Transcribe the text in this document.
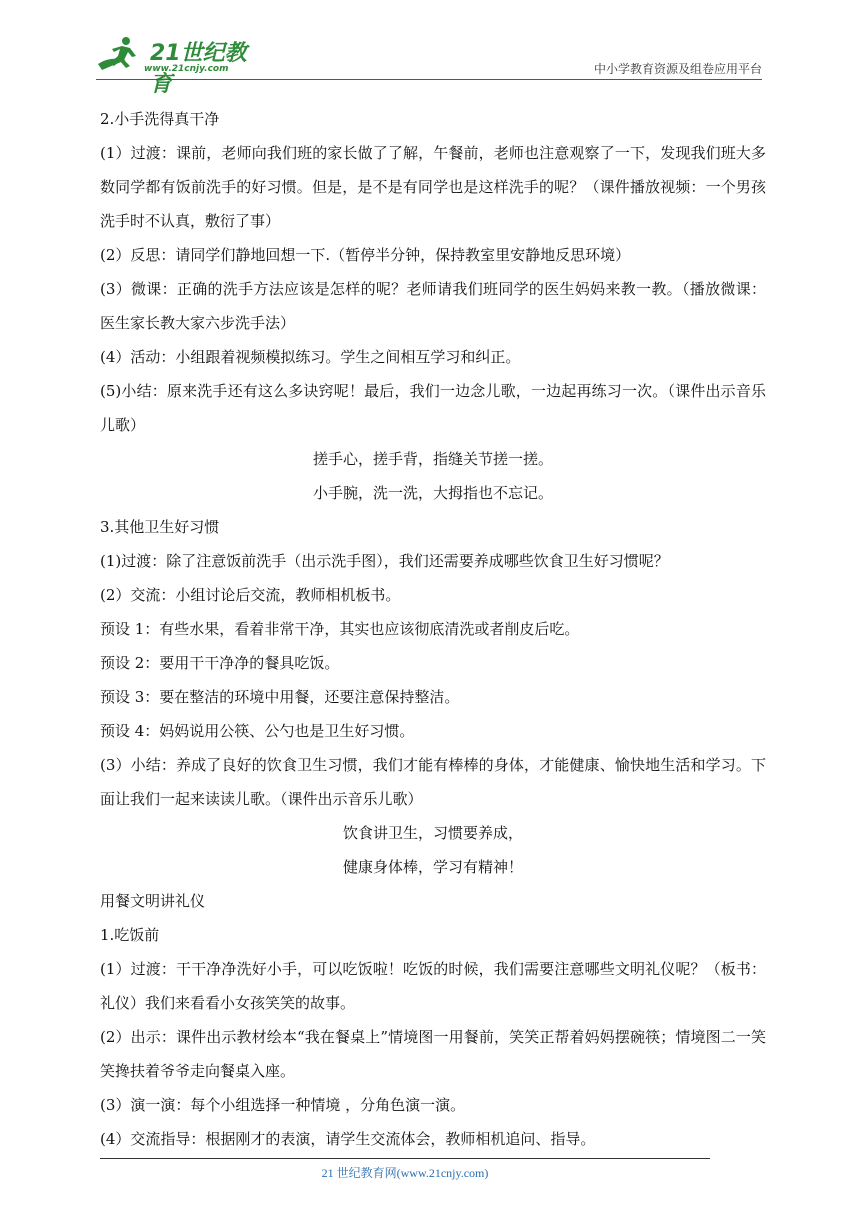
21世纪教育
www.21cnjy.com	中小学教育资源及组卷应用平台

2.小手洗得真干净

(1）过渡：课前，老师向我们班的家长做了了解，午餐前，老师也注意观察了一下，发现我们班大多数同学都有饭前洗手的好习惯。但是，是不是有同学也是这样洗手的呢？（课件播放视频：一个男孩洗手时不认真，敷衍了事）

(2）反思：请同学们静地回想一下.（暂停半分钟，保持教室里安静地反思环境）

(3）微课：正确的洗手方法应该是怎样的呢？老师请我们班同学的医生妈妈来教一教。（播放微课：医生家长教大家六步洗手法）

(4）活动：小组跟着视频模拟练习。学生之间相互学习和纠正。

(5)小结：原来洗手还有这么多诀窍呢！最后，我们一边念儿歌，一边起再练习一次。（课件出示音乐儿歌）

搓手心，搓手背，指缝关节搓一搓。

小手腕，洗一洗，大拇指也不忘记。

3.其他卫生好习惯

(1)过渡：除了注意饭前洗手（出示洗手图），我们还需要养成哪些饮食卫生好习惯呢？

(2）交流：小组讨论后交流，教师相机板书。

预设 1：有些水果，看着非常干净，其实也应该彻底清洗或者削皮后吃。

预设 2：要用干干净净的餐具吃饭。

预设 3：要在整洁的环境中用餐，还要注意保持整洁。

预设 4：妈妈说用公筷、公勺也是卫生好习惯。

(3）小结：养成了良好的饮食卫生习惯，我们才能有棒棒的身体，才能健康、愉快地生活和学习。下面让我们一起来读读儿歌。（课件出示音乐儿歌）

饮食讲卫生，习惯要养成，

健康身体棒，学习有精神！

用餐文明讲礼仪

1.吃饭前

(1）过渡：干干净净洗好小手，可以吃饭啦！吃饭的时候，我们需要注意哪些文明礼仪呢？（板书：礼仪）我们来看看小女孩笑笑的故事。

(2）出示：课件出示教材绘本“我在餐桌上”情境图一用餐前，笑笑正帮着妈妈摆碗筷；情境图二一笑笑搀扶着爷爷走向餐桌入座。

(3）演一演：每个小组选择一种情境 ，分角色演一演。

(4）交流指导：根据刚才的表演，请学生交流体会，教师相机追问、指导。

21 世纪教育网(www.21cnjy.com)
